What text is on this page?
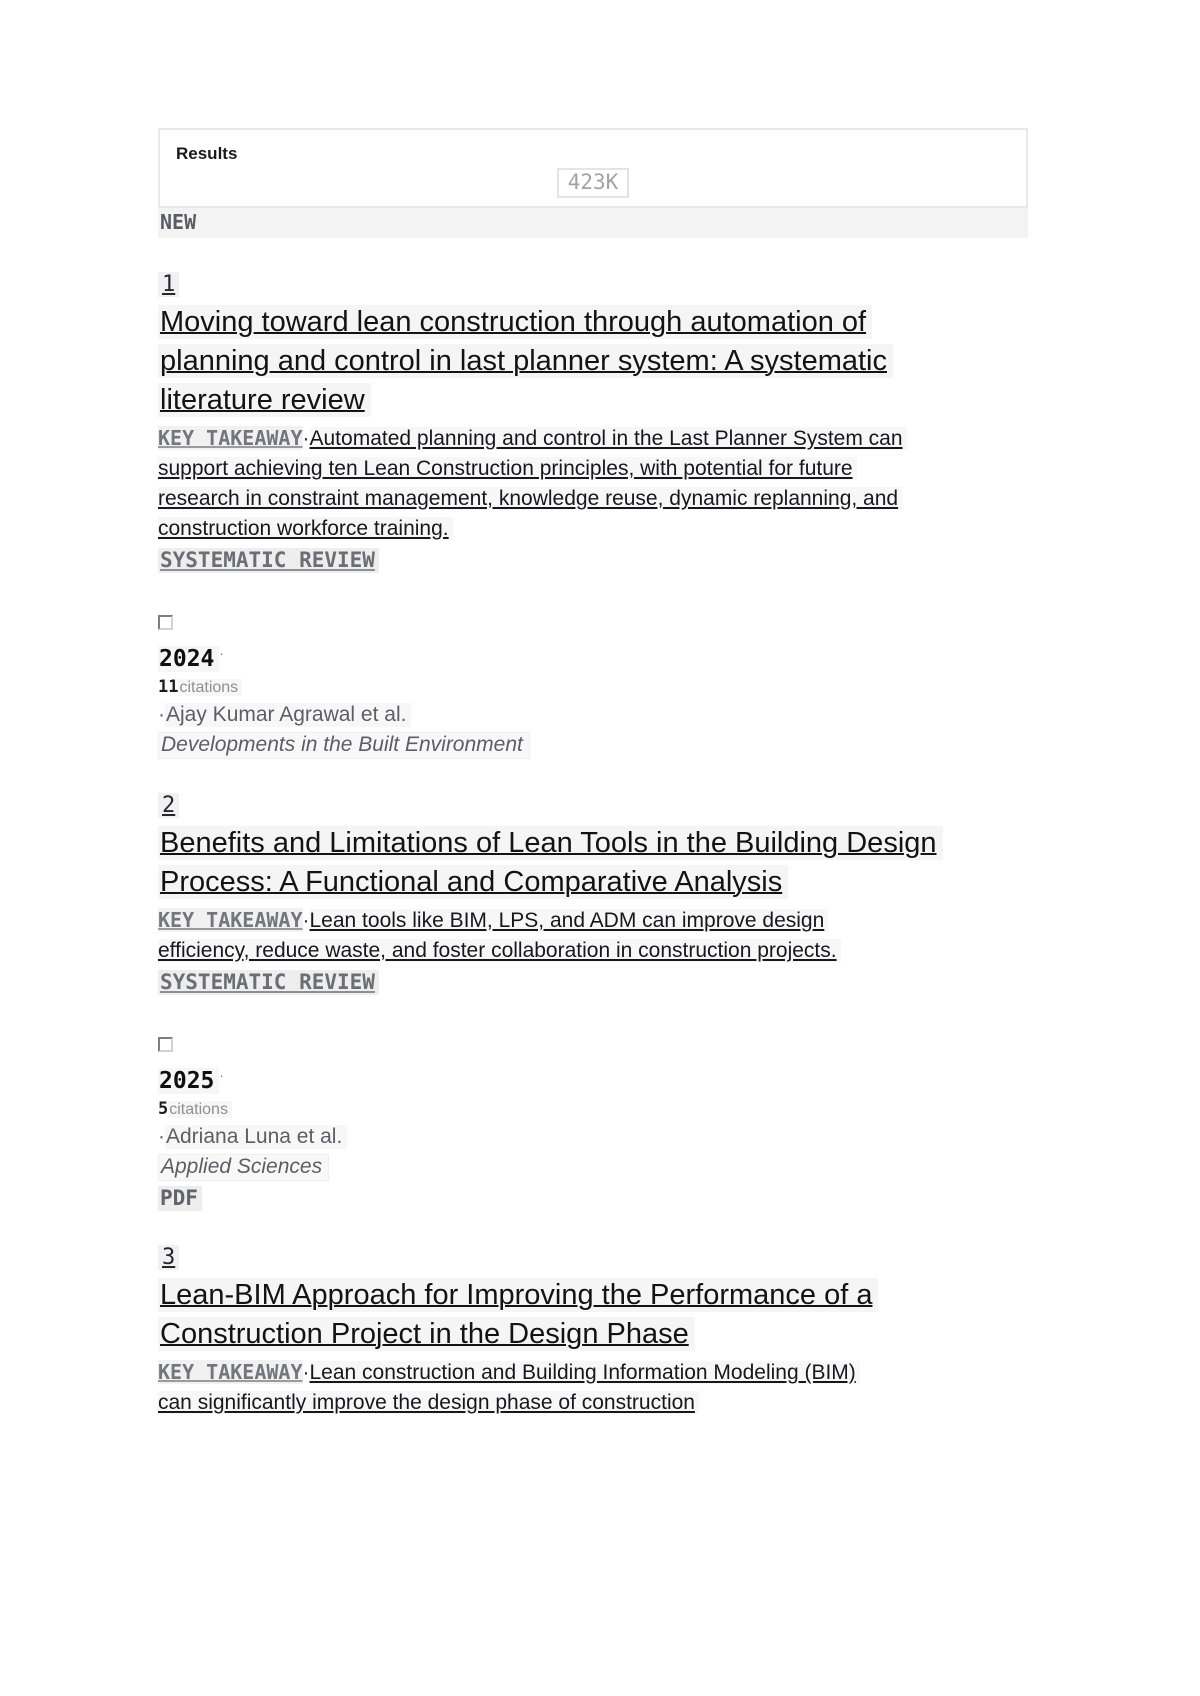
Results
423K
NEW
1
Moving toward lean construction through automation of planning and control in last planner system: A systematic literature review

KEY TAKEAWAY·Automated planning and control in the Last Planner System can support achieving ten Lean Construction principles, with potential for future research in constraint management, knowledge reuse, dynamic replanning, and construction workforce training.

SYSTEMATIC REVIEW
2024 ·
11citations
·Ajay Kumar Agrawal et al.
Developments in the Built Environment
2
Benefits and Limitations of Lean Tools in the Building Design Process: A Functional and Comparative Analysis

KEY TAKEAWAY·Lean tools like BIM, LPS, and ADM can improve design efficiency, reduce waste, and foster collaboration in construction projects.

SYSTEMATIC REVIEW
2025 ·
5citations
·Adriana Luna et al.
Applied Sciences
PDF
3
Lean-BIM Approach for Improving the Performance of a Construction Project in the Design Phase

KEY TAKEAWAY·Lean construction and Building Information Modeling (BIM) can significantly improve the design phase of construction
